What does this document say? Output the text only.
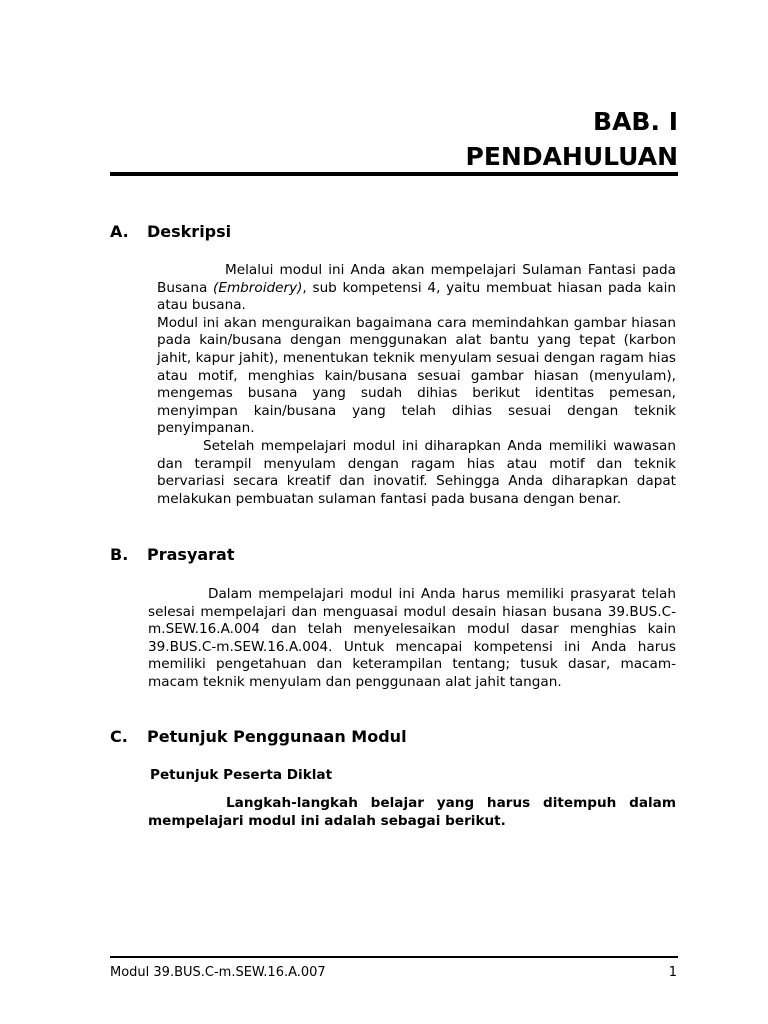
BAB. I
PENDAHULUAN
A. Deskripsi
Melalui modul ini Anda akan mempelajari Sulaman Fantasi pada Busana (Embroidery), sub kompetensi 4, yaitu membuat hiasan pada kain atau busana.
Modul ini akan menguraikan bagaimana cara memindahkan gambar hiasan pada kain/busana dengan menggunakan alat bantu yang tepat (karbon jahit, kapur jahit), menentukan teknik menyulam sesuai dengan ragam hias atau motif, menghias kain/busana sesuai gambar hiasan (menyulam), mengemas busana yang sudah dihias berikut identitas pemesan, menyimpan kain/busana yang telah dihias sesuai dengan teknik penyimpanan.
Setelah mempelajari modul ini diharapkan Anda memiliki wawasan dan terampil menyulam dengan ragam hias atau motif dan teknik bervariasi secara kreatif dan inovatif. Sehingga Anda diharapkan dapat melakukan pembuatan sulaman fantasi pada busana dengan benar.
B. Prasyarat
Dalam mempelajari modul ini Anda harus memiliki prasyarat telah selesai mempelajari dan menguasai modul desain hiasan busana 39.BUS.C-m.SEW.16.A.004 dan telah menyelesaikan modul dasar menghias kain 39.BUS.C-m.SEW.16.A.004. Untuk mencapai kompetensi ini Anda harus memiliki pengetahuan dan keterampilan tentang; tusuk dasar, macam-macam teknik menyulam dan penggunaan alat jahit tangan.
C. Petunjuk Penggunaan Modul
Petunjuk Peserta Diklat
Langkah-langkah belajar yang harus ditempuh dalam mempelajari modul ini adalah sebagai berikut.
Modul 39.BUS.C-m.SEW.16.A.007	1
